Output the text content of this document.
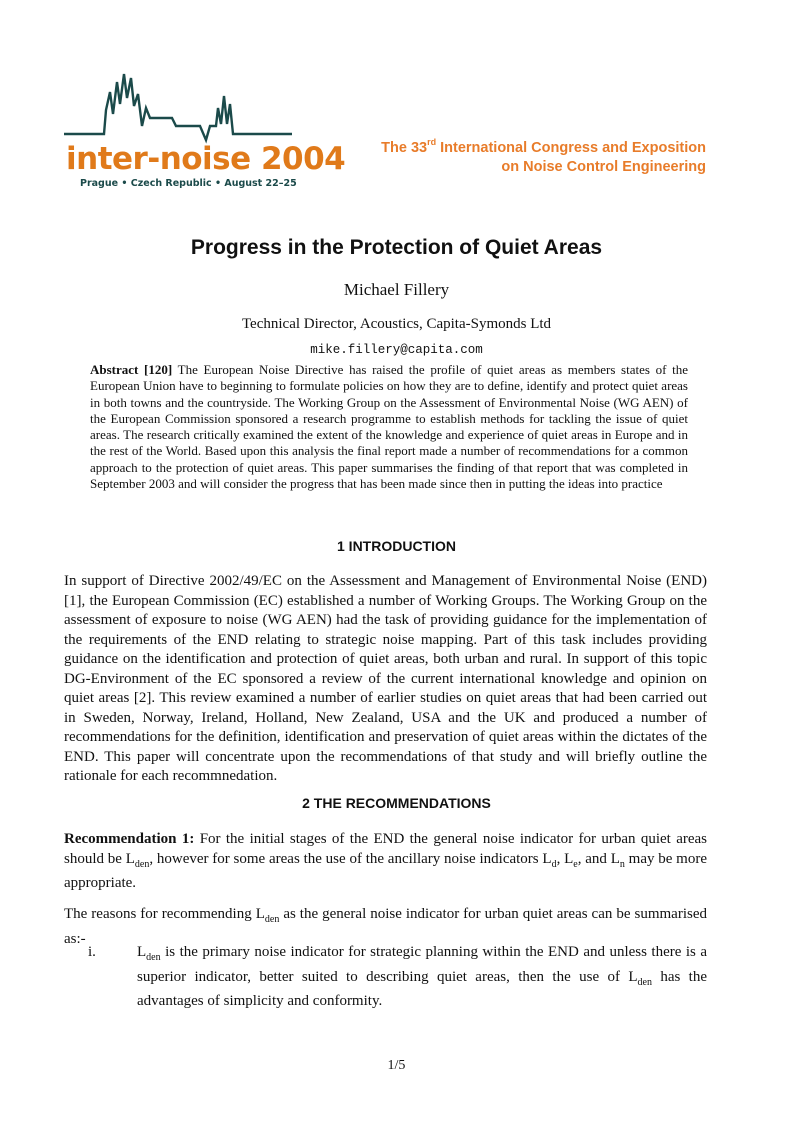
inter-noise 2004
Prague • Czech Republic • August 22–25
The 33rd International Congress and Exposition
on Noise Control Engineering
Progress in the Protection of Quiet Areas
Michael Fillery
Technical Director, Acoustics, Capita-Symonds Ltd
mike.fillery@capita.com
Abstract [120] The European Noise Directive has raised the profile of quiet areas as members states of the European Union have to beginning to formulate policies on how they are to define, identify and protect quiet areas in both towns and the countryside. The Working Group on the Assessment of Environmental Noise (WG AEN) of the European Commission sponsored a research programme to establish methods for tackling the issue of quiet areas. The research critically examined the extent of the knowledge and experience of quiet areas in Europe and in the rest of the World. Based upon this analysis the final report made a number of recommendations for a common approach to the protection of quiet areas. This paper summarises the finding of that report that was completed in September 2003 and will consider the progress that has been made since then in putting the ideas into practice
1 INTRODUCTION
In support of Directive 2002/49/EC on the Assessment and Management of Environmental Noise (END) [1], the European Commission (EC) established a number of Working Groups. The Working Group on the assessment of exposure to noise (WG AEN) had the task of providing guidance for the implementation of the requirements of the END relating to strategic noise mapping. Part of this task includes providing guidance on the identification and protection of quiet areas, both urban and rural. In support of this topic DG-Environment of the EC sponsored a review of the current international knowledge and opinion on quiet areas [2]. This review examined a number of earlier studies on quiet areas that had been carried out in Sweden, Norway, Ireland, Holland, New Zealand, USA and the UK and produced a number of recommendations for the definition, identification and preservation of quiet areas within the dictates of the END. This paper will concentrate upon the recommendations of that study and will briefly outline the rationale for each recommnedation.
2 THE RECOMMENDATIONS
Recommendation 1: For the initial stages of the END the general noise indicator for urban quiet areas should be $L_{den}$, however for some areas the use of the ancillary noise indicators $L_d$, $L_e$, and $L_n$ may be more appropriate.
The reasons for recommending $L_{den}$ as the general noise indicator for urban quiet areas can be summarised as:-
i.	$L_{den}$ is the primary noise indicator for strategic planning within the END and unless there is a superior indicator, better suited to describing quiet areas, then the use of $L_{den}$ has the advantages of simplicity and conformity.
1/5
